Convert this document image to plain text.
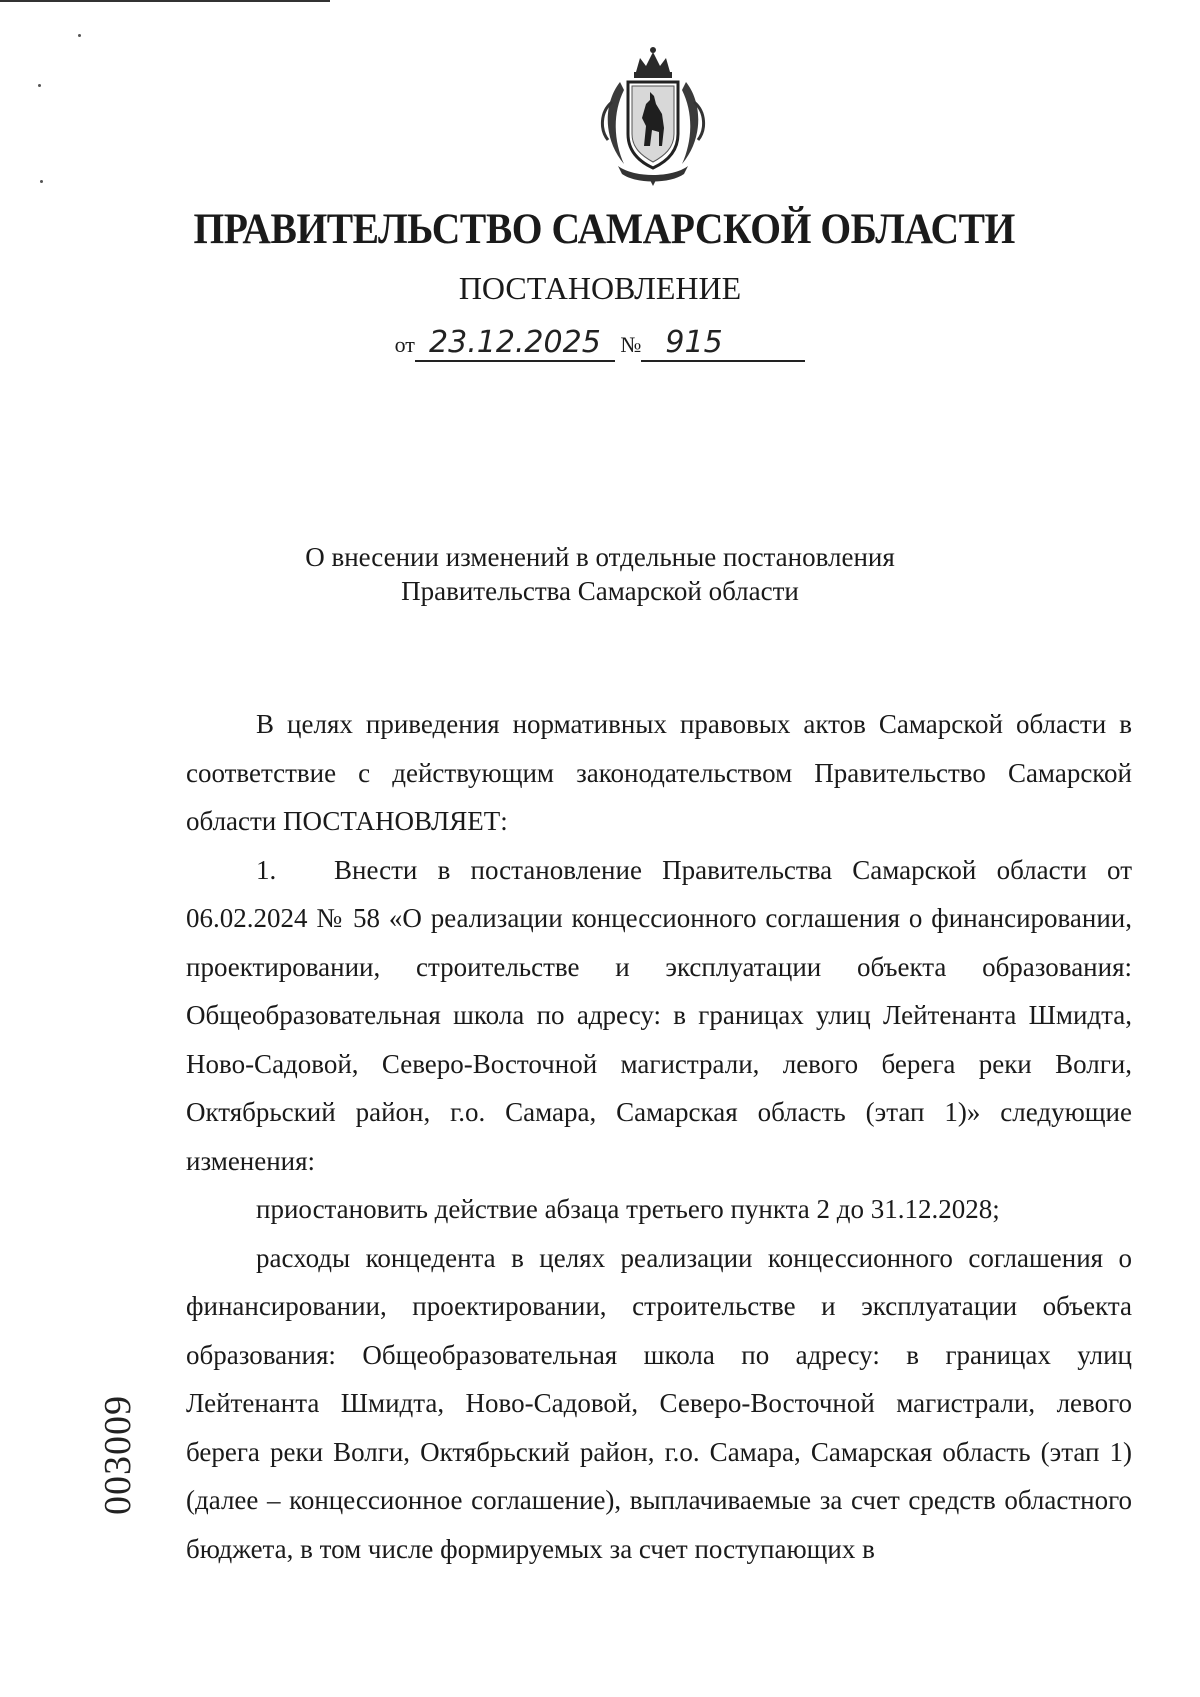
ПРАВИТЕЛЬСТВО САМАРСКОЙ ОБЛАСТИ
ПОСТАНОВЛЕНИЕ
от 23.12.2025 № 915
О внесении изменений в отдельные постановления
Правительства Самарской области

В целях приведения нормативных правовых актов Самарской области в соответствие с действующим законодательством Правительство Самарской области ПОСТАНОВЛЯЕТ:

1. Внести в постановление Правительства Самарской области от 06.02.2024 № 58 «О реализации концессионного соглашения о финансировании, проектировании, строительстве и эксплуатации объекта образования: Общеобразовательная школа по адресу: в границах улиц Лейтенанта Шмидта, Ново-Садовой, Северо-Восточной магистрали, левого берега реки Волги, Октябрьский район, г.о. Самара, Самарская область (этап 1)» следующие изменения:

приостановить действие абзаца третьего пункта 2 до 31.12.2028;

расходы концедента в целях реализации концессионного соглашения о финансировании, проектировании, строительстве и эксплуатации объекта образования: Общеобразовательная школа по адресу: в границах улиц Лейтенанта Шмидта, Ново-Садовой, Северо-Восточной магистрали, левого берега реки Волги, Октябрьский район, г.о. Самара, Самарская область (этап 1) (далее – концессионное соглашение), выплачиваемые за счет средств областного бюджета, в том числе формируемых за счет поступающих в

003009
